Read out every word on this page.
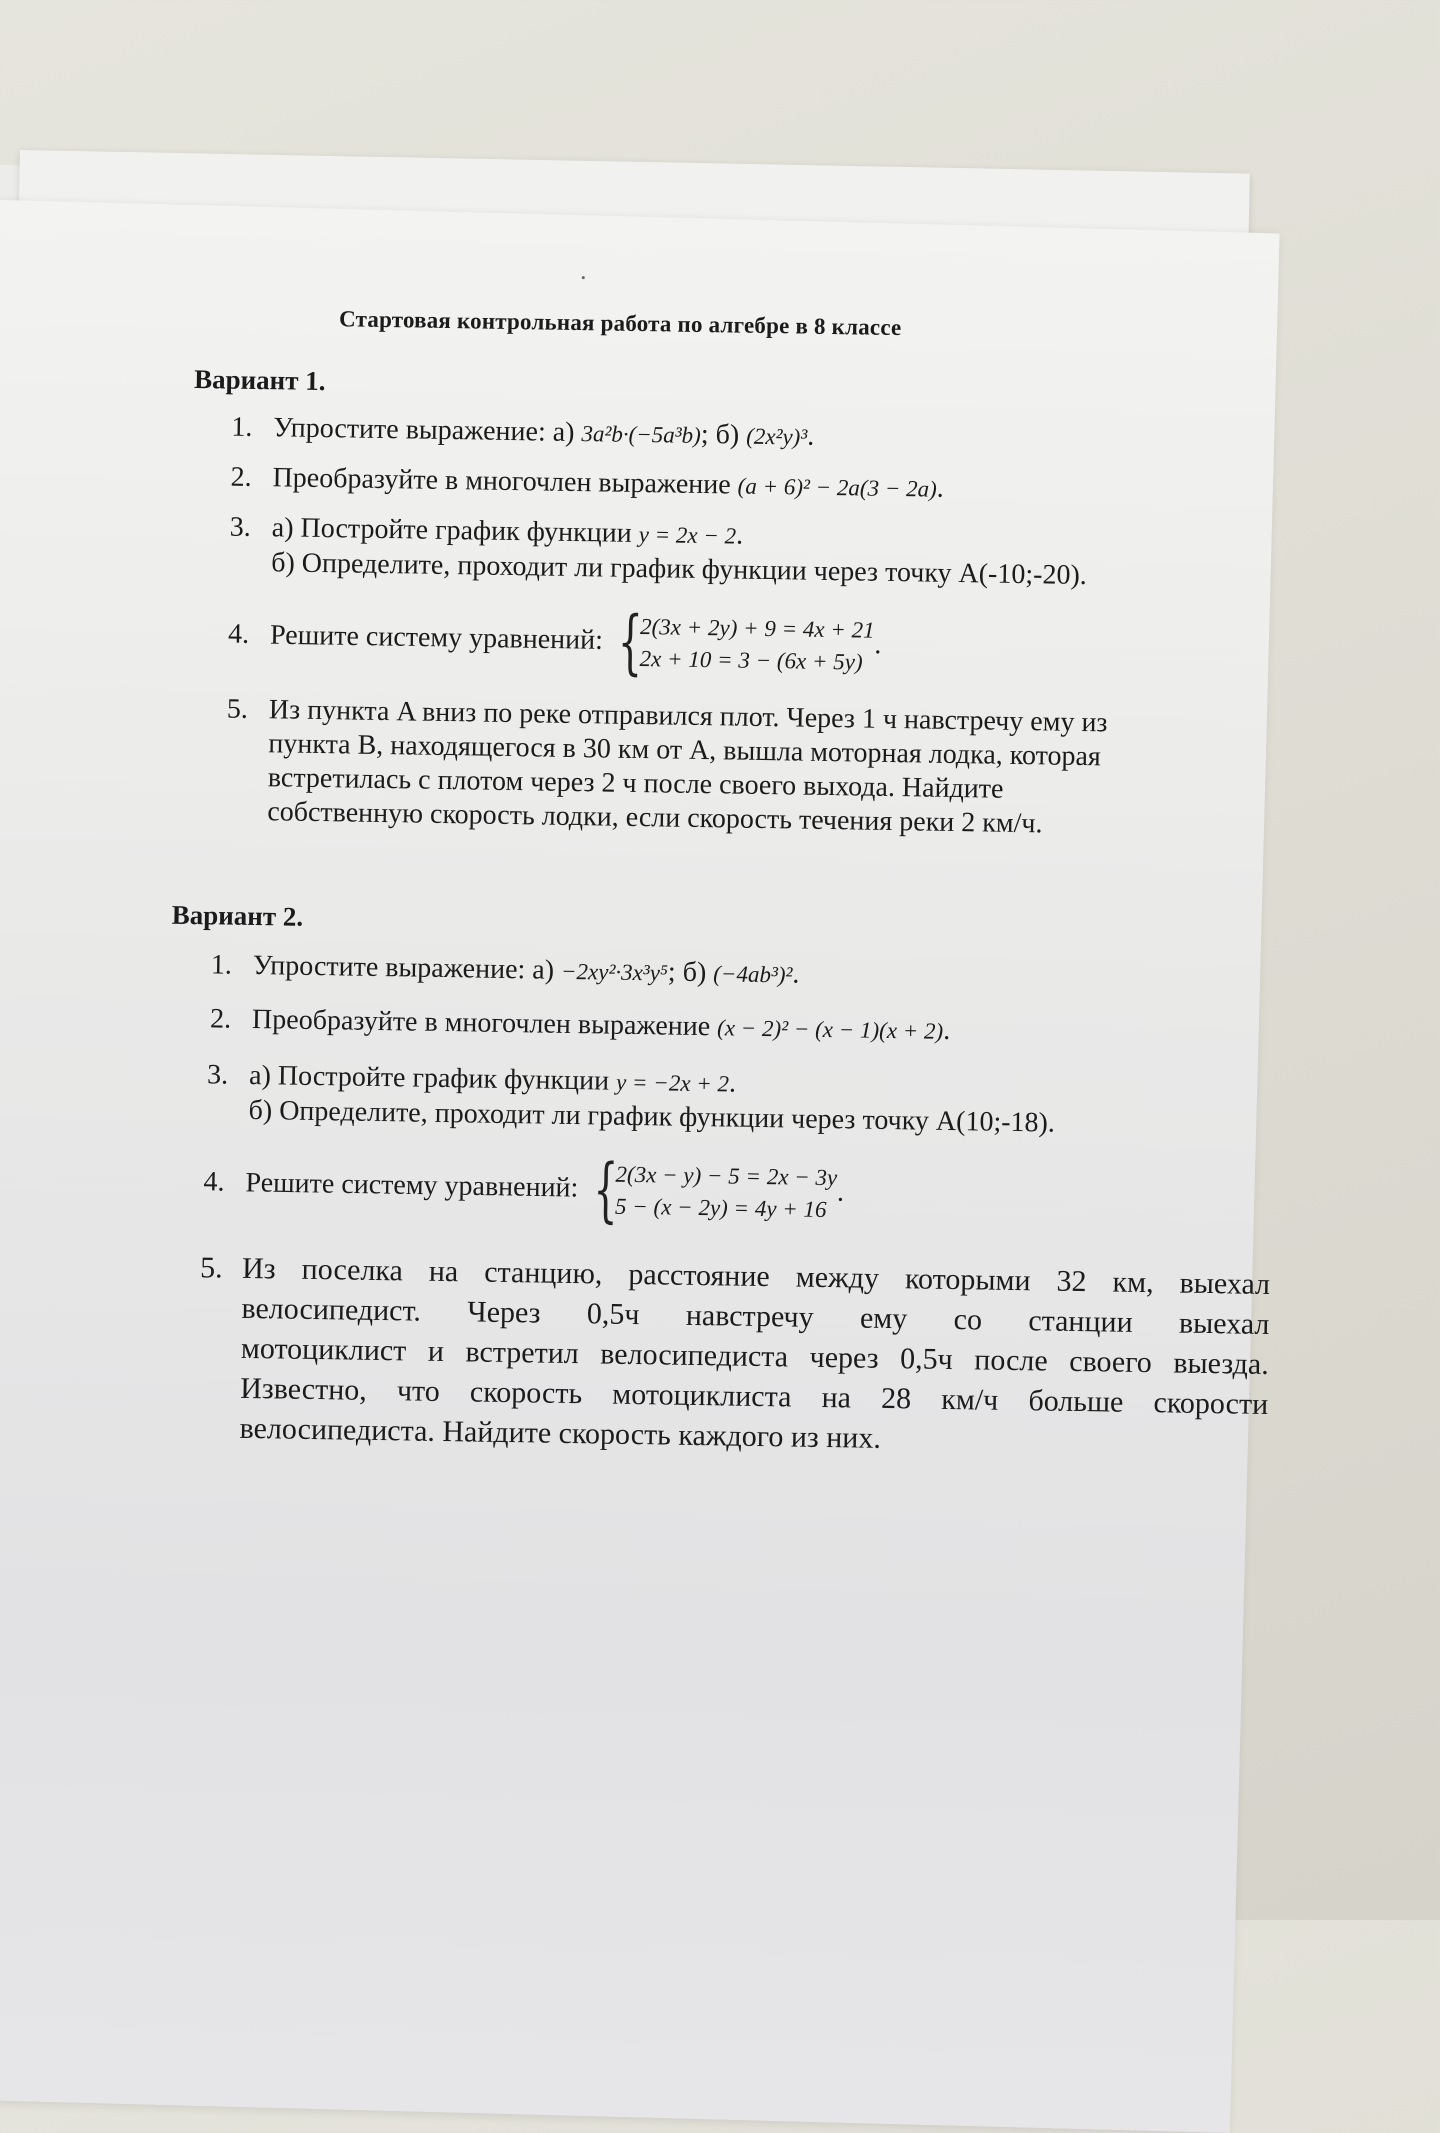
Стартовая контрольная работа по алгебре в 8 классе
Вариант 1.
1. Упростите выражение: а) 3a²b·(−5a³b); б) (2x²y)³.
2. Преобразуйте в многочлен выражение (a + 6)² − 2a(3 − 2a).
3. а) Постройте график функции y = 2x − 2.
б) Определите, проходит ли график функции через точку A(-10;-20).
4. Решите систему уравнений: {
2(3x + 2y) + 9 = 4x + 21
2x + 10 = 3 − (6x + 5y)
.
5. Из пункта A вниз по реке отправился плот. Через 1 ч навстречу ему из
пункта B, находящегося в 30 км от A, вышла моторная лодка, которая
встретилась с плотом через 2 ч после своего выхода. Найдите
собственную скорость лодки, если скорость течения реки 2 км/ч.
Вариант 2.
1. Упростите выражение: а) −2xy²·3x³y⁵; б) (−4ab³)².
2. Преобразуйте в многочлен выражение (x − 2)² − (x − 1)(x + 2).
3. а) Постройте график функции y = −2x + 2.
б) Определите, проходит ли график функции через точку A(10;-18).
4. Решите систему уравнений: {
2(3x − y) − 5 = 2x − 3y
5 − (x − 2y) = 4y + 16
.
5. Из поселка на станцию, расстояние между которыми 32 км, выехал
велосипедист. Через 0,5ч навстречу ему со станции выехал
мотоциклист и встретил велосипедиста через 0,5ч после своего выезда.
Известно, что скорость мотоциклиста на 28 км/ч больше скорости
велосипедиста. Найдите скорость каждого из них.
